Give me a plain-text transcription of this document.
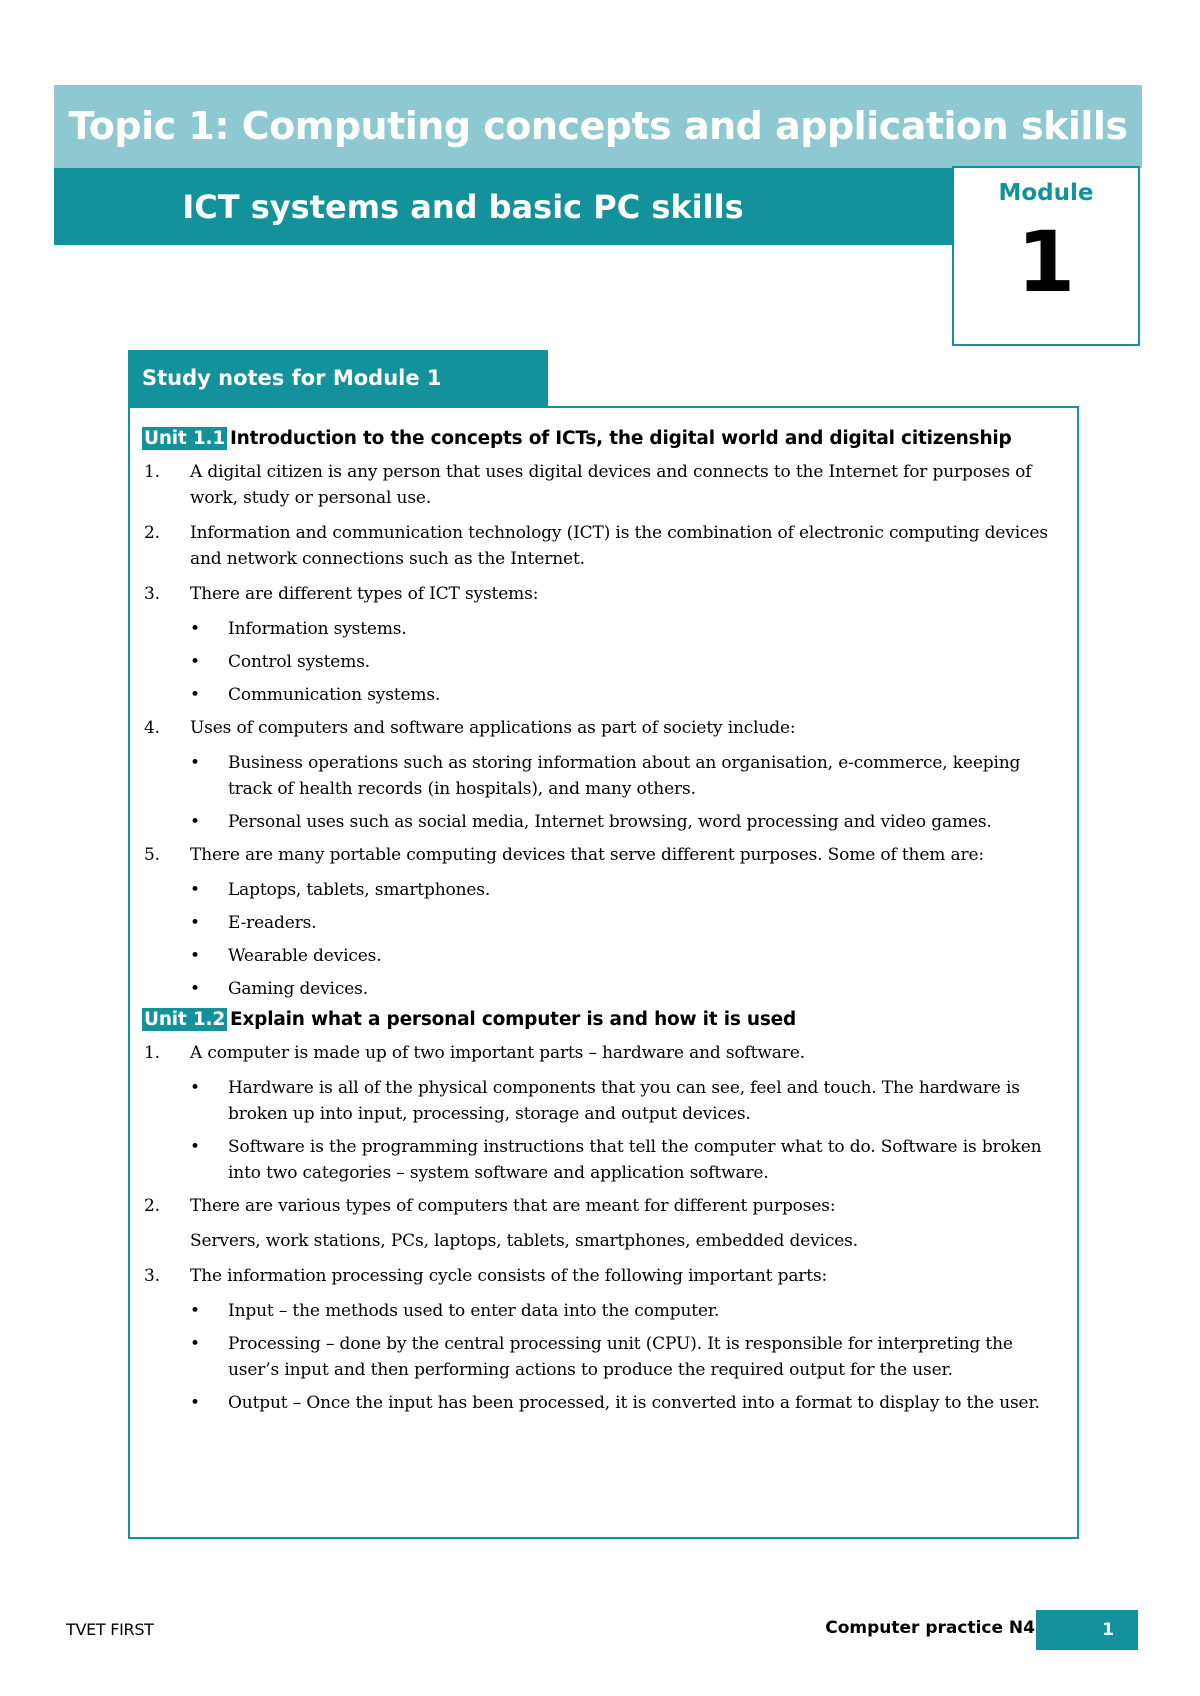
Topic 1: Computing concepts and application skills
ICT systems and basic PC skills	Module
1
Study notes for Module 1
Unit 1.1 Introduction to the concepts of ICTs, the digital world and digital citizenship
1.	A digital citizen is any person that uses digital devices and connects to the Internet for purposes of work, study or personal use.
2.	Information and communication technology (ICT) is the combination of electronic computing devices and network connections such as the Internet.
3.	There are different types of ICT systems:
•	Information systems.
•	Control systems.
•	Communication systems.
4.	Uses of computers and software applications as part of society include:
•	Business operations such as storing information about an organisation, e-commerce, keeping track of health records (in hospitals), and many others.
•	Personal uses such as social media, Internet browsing, word processing and video games.
5.	There are many portable computing devices that serve different purposes. Some of them are:
•	Laptops, tablets, smartphones.
•	E-readers.
•	Wearable devices.
•	Gaming devices.
Unit 1.2 Explain what a personal computer is and how it is used
1.	A computer is made up of two important parts – hardware and software.
•	Hardware is all of the physical components that you can see, feel and touch. The hardware is broken up into input, processing, storage and output devices.
•	Software is the programming instructions that tell the computer what to do. Software is broken into two categories – system software and application software.
2.	There are various types of computers that are meant for different purposes:
Servers, work stations, PCs, laptops, tablets, smartphones, embedded devices.
3.	The information processing cycle consists of the following important parts:
•	Input – the methods used to enter data into the computer.
•	Processing – done by the central processing unit (CPU). It is responsible for interpreting the user’s input and then performing actions to produce the required output for the user.
•	Output – Once the input has been processed, it is converted into a format to display to the user.
TVET FIRST	Computer practice N4	1
